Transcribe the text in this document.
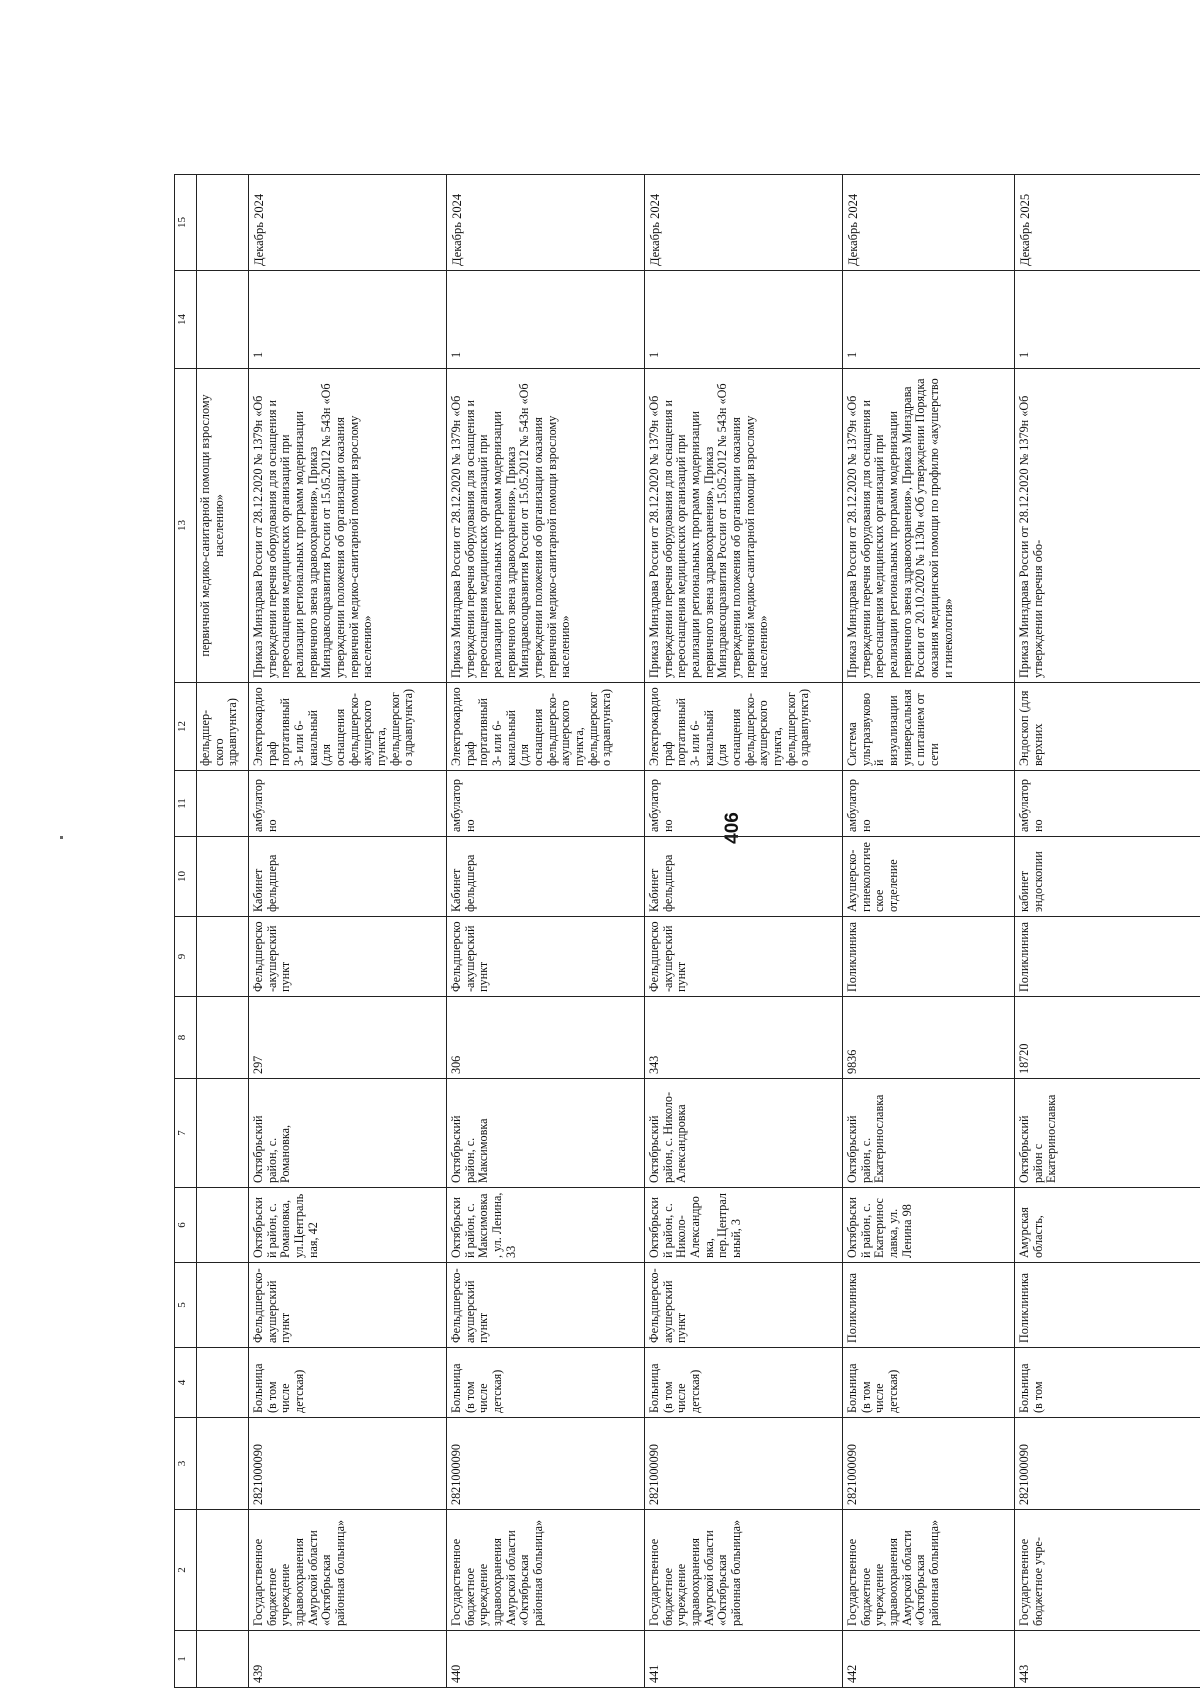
406
1	2	3	4	5	6	7	8	9	10	11	12	13	14	15
											фельдшер-ского здравпункта)	первичной медико-санитарной помощи взрослому населению»		
439	Государственное бюджетное учреждение здравоохранения Амурской области «Октябрьская районная больница»	2821000090	Больница (в том числе детская)	Фельдшерско-акушерский пункт	Октябрьский район, с. Ромaновка, ул.Центральная, 42	Октябрьский район, с. Ромaновка,	297	Фельдшерско-акушерский пункт	Кабинет фельдшера	амбулаторно	Электрокардиограф портативный 3- или 6-канальный (для оснащения фельдшерско-акушерского пункта, фельдшерского здравпункта)	Приказ Минздрава России от 28.12.2020 № 1379н «Об утверждении перечня оборудования для оснащения и переоснащения медицинских организаций при реализации региональных программ модернизации первичного звена здравоохранения», Приказ Минздравсоцразвития России от 15.05.2012 № 543н «Об утверждении положения об организации оказания первичной медико-санитарной помощи взрослому населению»	1	Декабрь 2024
440	Государственное бюджетное учреждение здравоохранения Амурской области «Октябрьская районная больница»	2821000090	Больница (в том числе детская)	Фельдшерско-акушерский пункт	Октябрьский район, с. Максимовка, ул. Ленина, 33	Октябрьский район, с. Максимовка	306	Фельдшерско-акушерский пункт	Кабинет фельдшера	амбулаторно	Электрокардиограф портативный 3- или 6-канальный (для оснащения фельдшерско-акушерского пункта, фельдшерского здравпункта)	Приказ Минздрава России от 28.12.2020 № 1379н «Об утверждении перечня оборудования для оснащения и переоснащения медицинских организаций при реализации региональных программ модернизации первичного звена здравоохранения», Приказ Минздравсоцразвития России от 15.05.2012 № 543н «Об утверждении положения об организации оказания первичной медико-санитарной помощи взрослому населению»	1	Декабрь 2024
441	Государственное бюджетное учреждение здравоохранения Амурской области «Октябрьская районная больница»	2821000090	Больница (в том числе детская)	Фельдшерско-акушерский пункт	Октябрьский район, с. Николо-Александровка, пер.Центральный, 3	Октябрьский район, с. Николо-Александровка	343	Фельдшерско-акушерский пункт	Кабинет фельдшера	амбулаторно	Электрокардиограф портативный 3- или 6-канальный (для оснащения фельдшерско-акушерского пункта, фельдшерского здравпункта)	Приказ Минздрава России от 28.12.2020 № 1379н «Об утверждении перечня оборудования для оснащения и переоснащения медицинских организаций при реализации региональных программ модернизации первичного звена здравоохранения», Приказ Минздравсоцразвития России от 15.05.2012 № 543н «Об утверждении положения об организации оказания первичной медико-санитарной помощи взрослому населению»	1	Декабрь 2024
442	Государственное бюджетное учреждение здравоохранения Амурской области «Октябрьская районная больница»	2821000090	Больница (в том числе детская)	Поликлиника	Октябрьский район, с. Екатеринославка, ул. Ленина 98	Октябрьский район, с. Екатеринославка	9836	Поликлиника	Акушерско-гинекологическое отделение	амбулаторно	Система ультразвуковой визуализации универсальная с питанием от сети	Приказ Минздрава России от 28.12.2020 № 1379н «Об утверждении перечня оборудования для оснащения и переоснащения медицинских организаций при реализации региональных программ модернизации первичного звена здравоохранения», Приказ Минздрава России от 20.10.2020 № 1130н «Об утверждении Порядка оказания медицинской помощи по профилю «акушерство и гинекология»	1	Декабрь 2024
443	Государственное бюджетное учре-	2821000090	Больница (в том	Поликлиника	Амурская область,	Октябрьский район с Екатеринославка	18720	Поликлиника	кабинет эндоскопии	амбулаторно	Эндоскоп (для верхних	Приказ Минздрава России от 28.12.2020 № 1379н «Об утверждении перечня обо-	1	Декабрь 2025
